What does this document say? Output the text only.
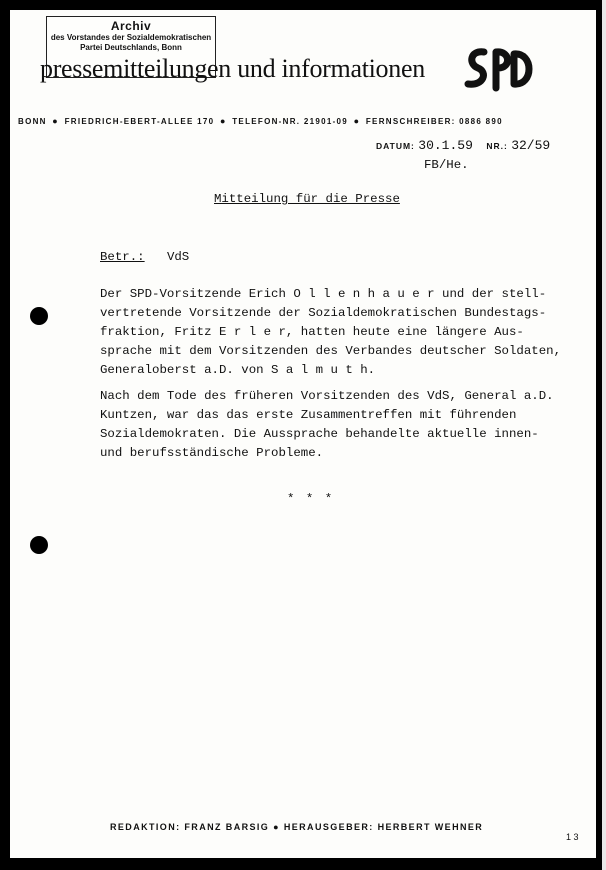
Archiv
des Vorstandes der Sozialdemokratischen
Partei Deutschlands, Bonn
pressemitteilungen und informationen
SPD
BONN ● FRIEDRICH-EBERT-ALLEE 170 ● TELEFON-NR. 21901-09 ● FERNSCHREIBER: 0886 890
DATUM: 30.1.59 NR.: 32/59
FB/He.
Mitteilung für die Presse
Betr.: VdS
Der SPD-Vorsitzende Erich O l l e n h a u e r und der stell-
vertretende Vorsitzende der Sozialdemokratischen Bundestags-
fraktion, Fritz E r l e r, hatten heute eine längere Aus-
sprache mit dem Vorsitzenden des Verbandes deutscher Soldaten,
Generaloberst a.D. von S a l m u t h.
Nach dem Tode des früheren Vorsitzenden des VdS, General a.D.
Kuntzen, war das das erste Zusammentreffen mit führenden
Sozialdemokraten. Die Aussprache behandelte aktuelle innen-
und berufsständische Probleme.
* * *
REDAKTION: FRANZ BARSIG ● HERAUSGEBER: HERBERT WEHNER
1 3
